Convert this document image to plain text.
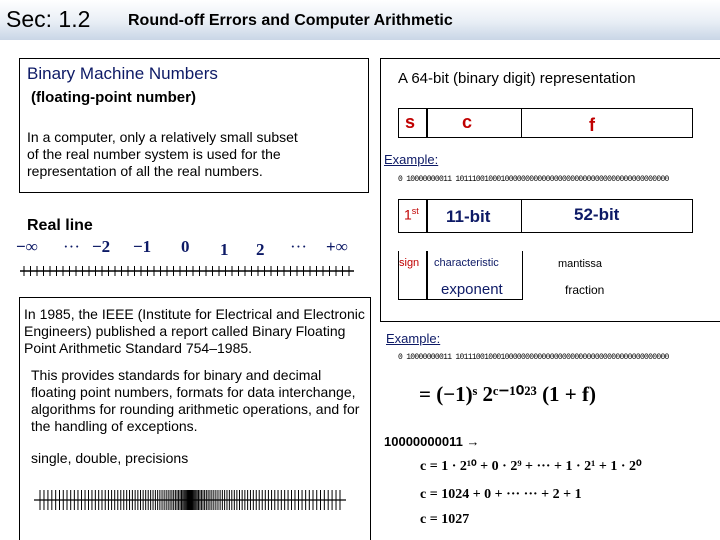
Sec: 1.2 Round-off Errors and Computer Arithmetic
Binary Machine Numbers
(floating-point number)
In a computer, only a relatively small subset
of the real number system is used for the
representation of all the real numbers.
Real line
−∞ ··· −2 −1 0 1 2 ··· +∞
In 1985, the IEEE (Institute for Electrical and Electronic
Engineers) published a report called Binary Floating
Point Arithmetic Standard 754–1985.
This provides standards for binary and decimal
floating point numbers, formats for data interchange,
algorithms for rounding arithmetic operations, and for
the handling of exceptions.
single, double, precisions
A 64-bit (binary digit) representation
s	c	f
Example:
0 10000000011 1011100100010000000000000000000000000000000000000000
1st 11-bit	52-bit
sign characteristic	mantissa
exponent	fraction
Example:
0 10000000011 1011100100010000000000000000000000000000000000000000
= (−1)ˢ 2ᶜ⁻¹⁰²³ (1 + f)
10000000011 →
c = 1 · 2¹⁰ + 0 · 2⁹ + ··· + 1 · 2¹ + 1 · 2⁰
c = 1024 + 0 + ··· ··· + 2 + 1
c = 1027
